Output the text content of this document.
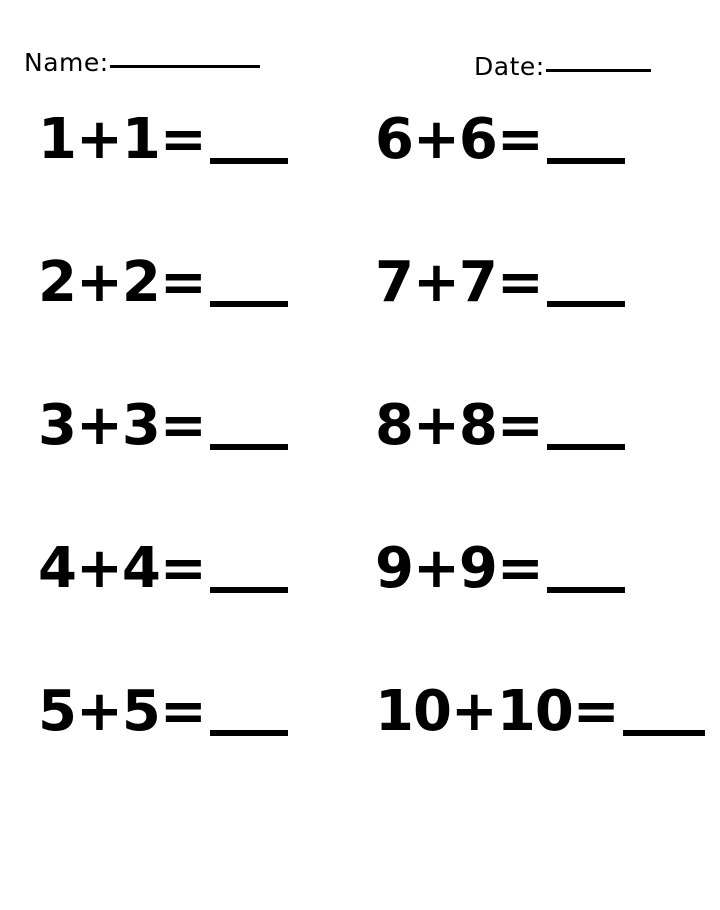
Name:	Date:
1+1=
2+2=
3+3=
4+4=
5+5=
6+6=
7+7=
8+8=
9+9=
10+10=
